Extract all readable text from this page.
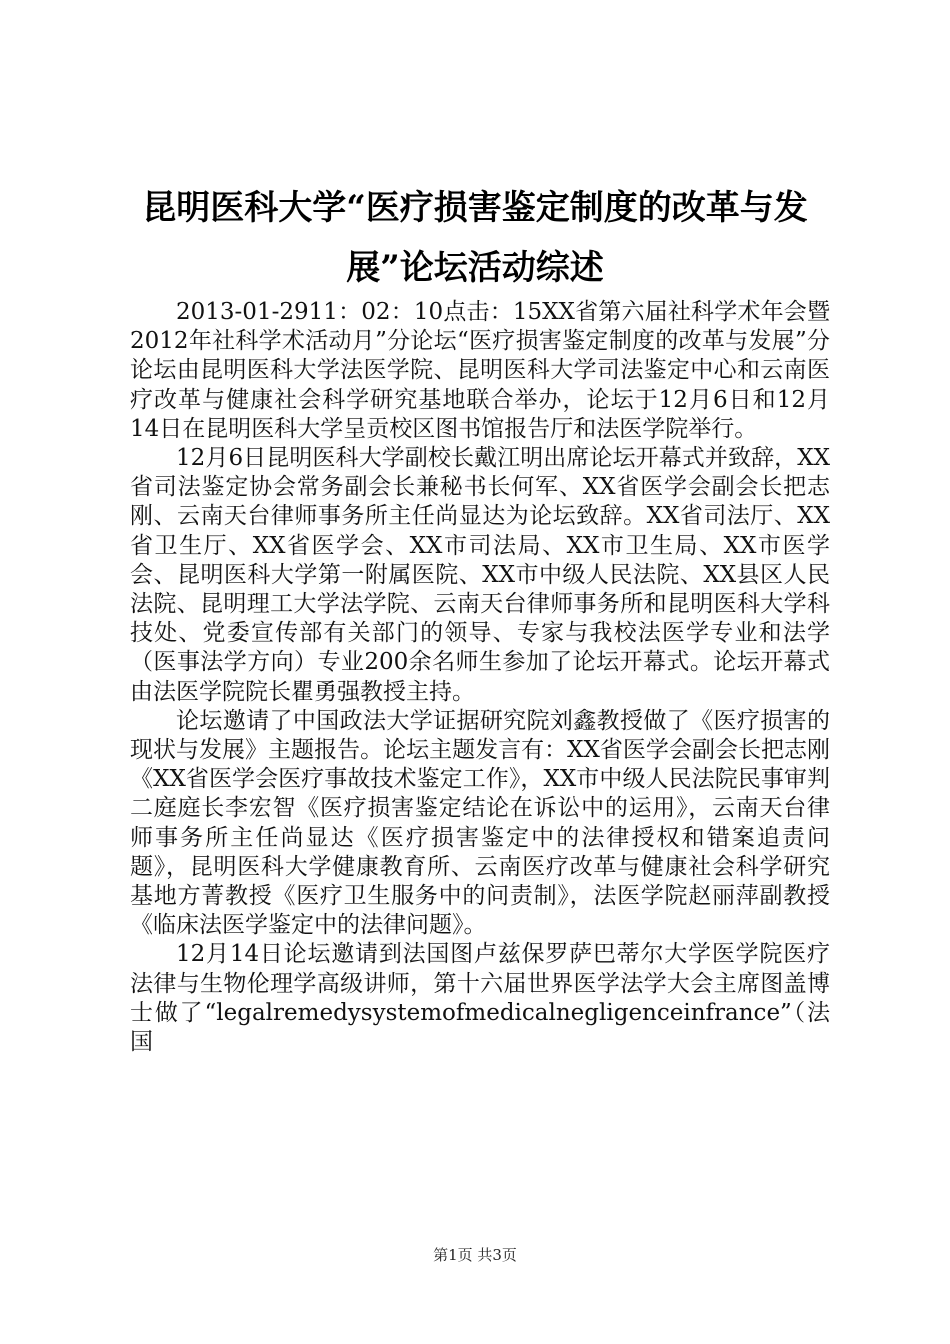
昆明医科大学“医疗损害鉴定制度的改革与发展”论坛活动综述

2013-01-2911：02：10点击：15XX省第六届社科学术年会暨2012年社科学术活动月”分论坛“医疗损害鉴定制度的改革与发展”分论坛由昆明医科大学法医学院、昆明医科大学司法鉴定中心和云南医疗改革与健康社会科学研究基地联合举办，论坛于12月6日和12月14日在昆明医科大学呈贡校区图书馆报告厅和法医学院举行。

12月6日昆明医科大学副校长戴江明出席论坛开幕式并致辞，XX省司法鉴定协会常务副会长兼秘书长何军、XX省医学会副会长把志刚、云南天台律师事务所主任尚显达为论坛致辞。XX省司法厅、XX省卫生厅、XX省医学会、XX市司法局、XX市卫生局、XX市医学会、昆明医科大学第一附属医院、XX市中级人民法院、XX县区人民法院、昆明理工大学法学院、云南天台律师事务所和昆明医科大学科技处、党委宣传部有关部门的领导、专家与我校法医学专业和法学（医事法学方向）专业200余名师生参加了论坛开幕式。论坛开幕式由法医学院院长瞿勇强教授主持。

论坛邀请了中国政法大学证据研究院刘鑫教授做了《医疗损害的现状与发展》主题报告。论坛主题发言有：XX省医学会副会长把志刚《XX省医学会医疗事故技术鉴定工作》，XX市中级人民法院民事审判二庭庭长李宏智《医疗损害鉴定结论在诉讼中的运用》，云南天台律师事务所主任尚显达《医疗损害鉴定中的法律授权和错案追责问题》，昆明医科大学健康教育所、云南医疗改革与健康社会科学研究基地方菁教授《医疗卫生服务中的问责制》，法医学院赵丽萍副教授《临床法医学鉴定中的法律问题》。

12月14日论坛邀请到法国图卢兹保罗萨巴蒂尔大学医学院医疗法律与生物伦理学高级讲师，第十六届世界医学法学大会主席图盖博士做了“legalremedysystemofmedicalnegligenceinfrance”（法国

第1页 共3页
